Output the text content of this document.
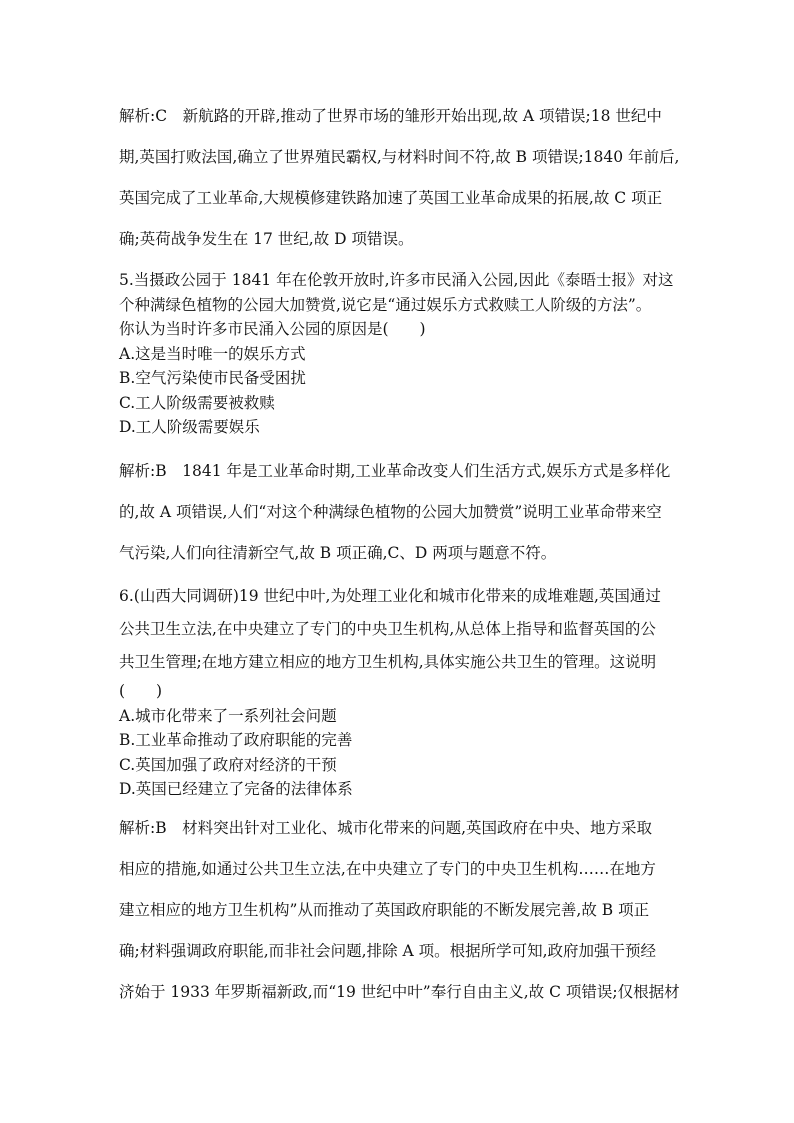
解析:C　新航路的开辟,推动了世界市场的雏形开始出现,故 A 项错误;18 世纪中
期,英国打败法国,确立了世界殖民霸权,与材料时间不符,故 B 项错误;1840 年前后,
英国完成了工业革命,大规模修建铁路加速了英国工业革命成果的拓展,故 C 项正
确;英荷战争发生在 17 世纪,故 D 项错误。
5.当摄政公园于 1841 年在伦敦开放时,许多市民涌入公园,因此《泰晤士报》对这
个种满绿色植物的公园大加赞赏,说它是“通过娱乐方式救赎工人阶级的方法”。
你认为当时许多市民涌入公园的原因是(　　)
A.这是当时唯一的娱乐方式
B.空气污染使市民备受困扰
C.工人阶级需要被救赎
D.工人阶级需要娱乐
解析:B　1841 年是工业革命时期,工业革命改变人们生活方式,娱乐方式是多样化
的,故 A 项错误,人们“对这个种满绿色植物的公园大加赞赏”说明工业革命带来空
气污染,人们向往清新空气,故 B 项正确,C、D 两项与题意不符。
6.(山西大同调研)19 世纪中叶,为处理工业化和城市化带来的成堆难题,英国通过
公共卫生立法,在中央建立了专门的中央卫生机构,从总体上指导和监督英国的公
共卫生管理;在地方建立相应的地方卫生机构,具体实施公共卫生的管理。这说明
(　　)
A.城市化带来了一系列社会问题
B.工业革命推动了政府职能的完善
C.英国加强了政府对经济的干预
D.英国已经建立了完备的法律体系
解析:B　材料突出针对工业化、城市化带来的问题,英国政府在中央、地方采取
相应的措施,如通过公共卫生立法,在中央建立了专门的中央卫生机构……在地方
建立相应的地方卫生机构”从而推动了英国政府职能的不断发展完善,故 B 项正
确;材料强调政府职能,而非社会问题,排除 A 项。根据所学可知,政府加强干预经
济始于 1933 年罗斯福新政,而“19 世纪中叶”奉行自由主义,故 C 项错误;仅根据材
